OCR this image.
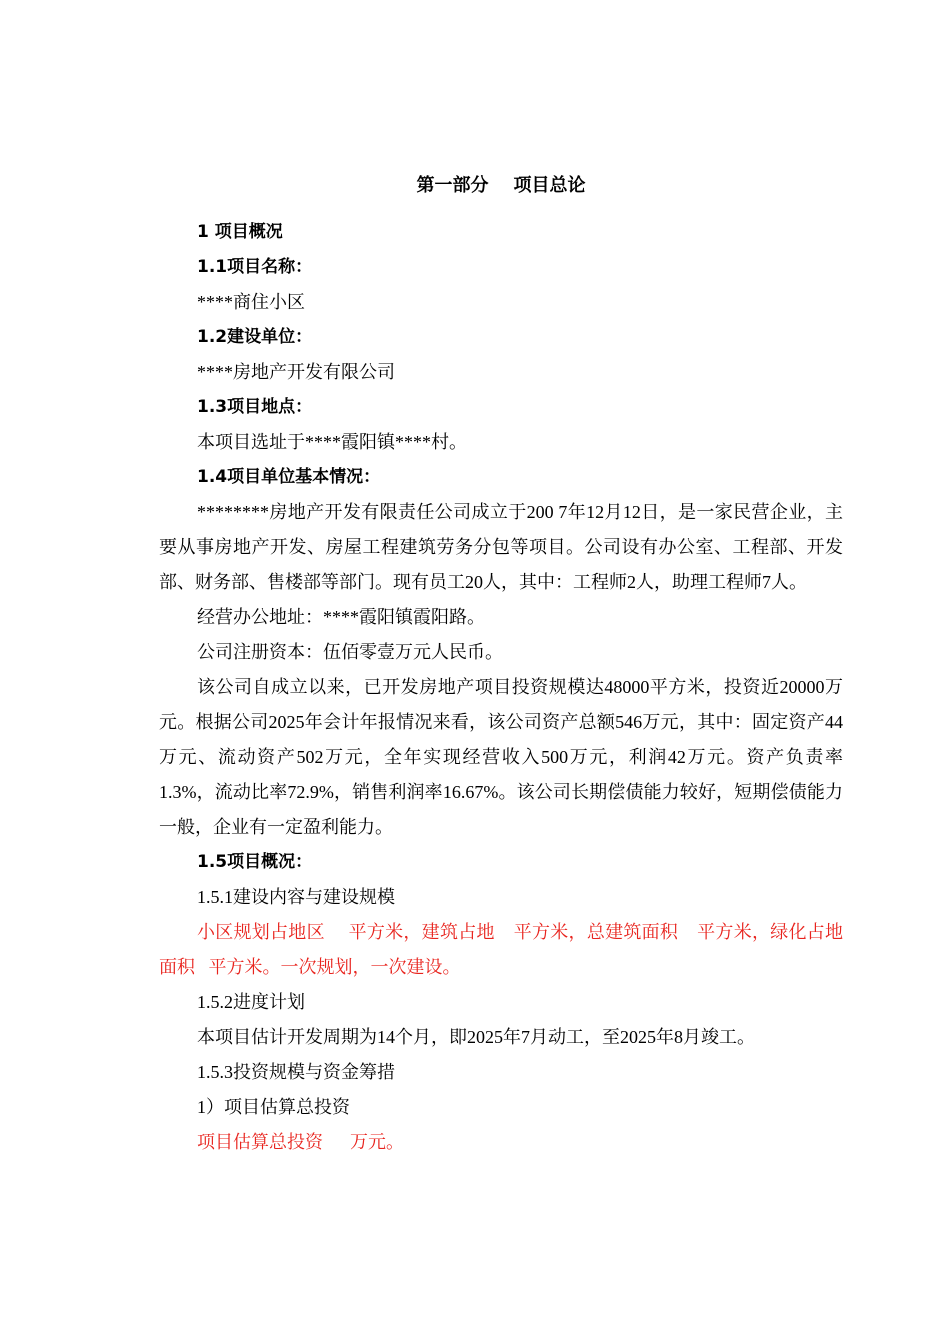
第一部分    项目总论
1 项目概况
1.1项目名称：
****商住小区
1.2建设单位：
****房地产开发有限公司
1.3项目地点：
本项目选址于****霞阳镇****村。
1.4项目单位基本情况：

********房地产开发有限责任公司成立于200 7年12月12日，是一家民营企业，主要从事房地产开发、房屋工程建筑劳务分包等项目。公司设有办公室、工程部、开发部、财务部、售楼部等部门。现有员工20人，其中：工程师2人，助理工程师7人。

经营办公地址：****霞阳镇霞阳路。

公司注册资本：伍佰零壹万元人民币。

该公司自成立以来，已开发房地产项目投资规模达48000平方米，投资近20000万元。根据公司2025年会计年报情况来看，该公司资产总额546万元，其中：固定资产44万元、流动资产502万元，全年实现经营收入500万元，利润42万元。资产负责率1.3%，流动比率72.9%，销售利润率16.67%。该公司长期偿债能力较好，短期偿债能力一般，企业有一定盈利能力。

1.5项目概况：
1.5.1建设内容与建设规模

小区规划占地区     平方米，建筑占地    平方米，总建筑面积    平方米，绿化占地面积   平方米。一次规划，一次建设。

1.5.2进度计划

本项目估计开发周期为14个月，即2025年7月动工，至2025年8月竣工。

1.5.3投资规模与资金筹措
1）项目估算总投资
项目估算总投资      万元。
